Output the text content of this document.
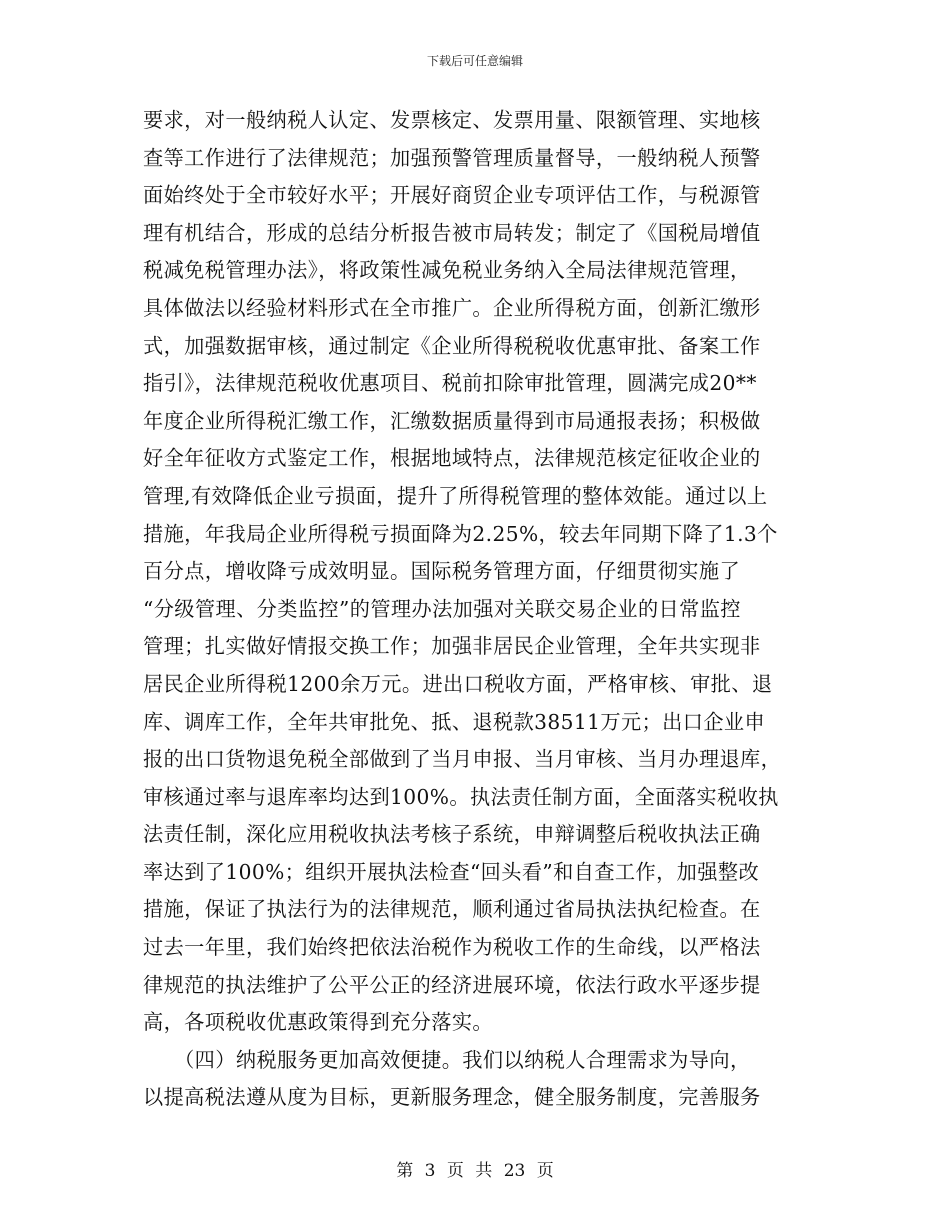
下载后可任意编辑
要求，对一般纳税人认定、发票核定、发票用量、限额管理、实地核
查等工作进行了法律规范；加强预警管理质量督导，一般纳税人预警
面始终处于全市较好水平；开展好商贸企业专项评估工作，与税源管
理有机结合，形成的总结分析报告被市局转发；制定了《国税局增值
税减免税管理办法》，将政策性减免税业务纳入全局法律规范管理，
具体做法以经验材料形式在全市推广。企业所得税方面，创新汇缴形
式，加强数据审核，通过制定《企业所得税税收优惠审批、备案工作
指引》，法律规范税收优惠项目、税前扣除审批管理，圆满完成20**
年度企业所得税汇缴工作，汇缴数据质量得到市局通报表扬；积极做
好全年征收方式鉴定工作，根据地域特点，法律规范核定征收企业的
管理,有效降低企业亏损面，提升了所得税管理的整体效能。通过以上
措施，年我局企业所得税亏损面降为2.25%，较去年同期下降了1.3个
百分点，增收降亏成效明显。国际税务管理方面，仔细贯彻实施了
“分级管理、分类监控”的管理办法加强对关联交易企业的日常监控
管理；扎实做好情报交换工作；加强非居民企业管理，全年共实现非
居民企业所得税1200余万元。进出口税收方面，严格审核、审批、退
库、调库工作，全年共审批免、抵、退税款38511万元；出口企业申
报的出口货物退免税全部做到了当月申报、当月审核、当月办理退库，
审核通过率与退库率均达到100%。执法责任制方面，全面落实税收执
法责任制，深化应用税收执法考核子系统，申辩调整后税收执法正确
率达到了100%；组织开展执法检查“回头看”和自查工作，加强整改
措施，保证了执法行为的法律规范，顺利通过省局执法执纪检查。在
过去一年里，我们始终把依法治税作为税收工作的生命线，以严格法
律规范的执法维护了公平公正的经济进展环境，依法行政水平逐步提
高，各项税收优惠政策得到充分落实。
　　（四）纳税服务更加高效便捷。我们以纳税人合理需求为导向，
以提高税法遵从度为目标，更新服务理念，健全服务制度，完善服务
第 3 页 共 23 页
